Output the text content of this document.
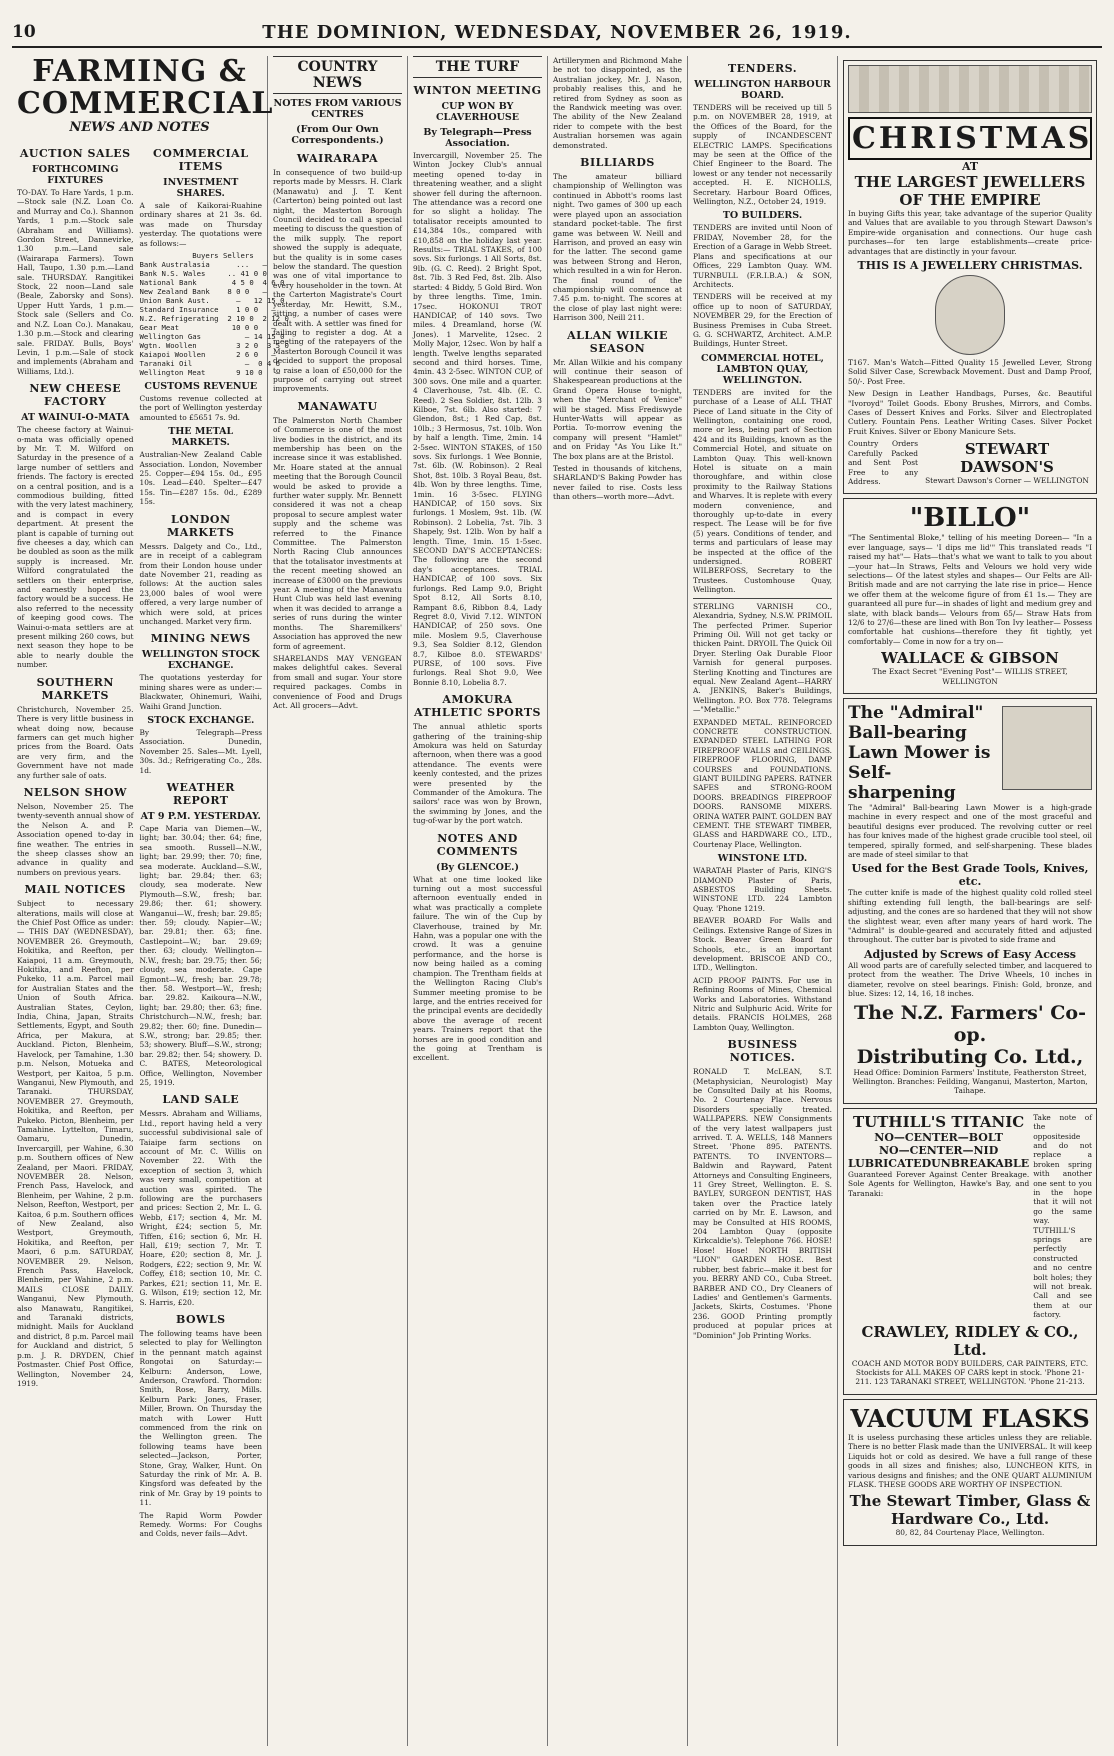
10	THE DOMINION, WEDNESDAY, NOVEMBER 26, 1919.
FARMING & COMMERCIAL
NEWS AND NOTES
AUCTION SALES
FORTHCOMING FIXTURES

TO-DAY. To Hare Yards, 1 p.m.—Stock sale (N.Z. Loan Co. and Murray and Co.). Shannon Yards, 1 p.m.—Stock sale (Abraham and Williams). Gordon Street, Dannevirke, 1.30 p.m.—Land sale (Wairarapa Farmers). Town Hall, Taupo, 1.30 p.m.—Land sale. THURSDAY. Rangitikei Stock, 22 noon—Land sale (Beale, Zaborsky and Sons). Upper Hutt Yards, 1 p.m.—Stock sale (Sellers and Co. and N.Z. Loan Co.). Manakau, 1.30 p.m.—Stock and clearing sale. FRIDAY. Bulls, Boys' Levin, 1 p.m.—Sale of stock and implements (Abraham and Williams, Ltd.).

NEW CHEESE FACTORY
AT WAINUI-O-MATA

The cheese factory at Wainui-o-mata was officially opened by Mr. T. M. Wilford on Saturday in the presence of a large number of settlers and friends. The factory is erected on a central position, and is a commodious building, fitted with the very latest machinery, and is compact in every department. At present the plant is capable of turning out five cheeses a day, which can be doubled as soon as the milk supply is increased. Mr. Wilford congratulated the settlers on their enterprise, and earnestly hoped the factory would be a success. He also referred to the necessity of keeping good cows. The Wainui-o-mata settlers are at present milking 260 cows, but next season they hope to be able to nearly double the number.

SOUTHERN MARKETS

Christchurch, November 25. There is very little business in wheat doing now, because farmers can get much higher prices from the Board. Oats are very firm, and the Government have not made any further sale of oats.

NELSON SHOW

Nelson, November 25. The twenty-seventh annual show of the Nelson A. and P. Association opened to-day in fine weather. The entries in the sheep classes show an advance in quality and numbers on previous years.

MAIL NOTICES

Subject to necessary alterations, mails will close at the Chief Post Office as under:— THIS DAY (WEDNESDAY), NOVEMBER 26. Greymouth, Hokitika, and Reefton, per Kaiapoi, 11 a.m. Greymouth, Hokitika, and Reefton, per Pukeko, 11 a.m. Parcel mail for Australian States and the Union of South Africa. Australian States, Ceylon, India, China, Japan, Straits Settlements, Egypt, and South Africa, per Makura, at Auckland. Picton, Blenheim, Havelock, per Tamahine, 1.30 p.m. Nelson, Motueka and Westport, per Kaitoa, 5 p.m. Wanganui, New Plymouth, and Taranaki. THURSDAY, NOVEMBER 27. Greymouth, Hokitika, and Reefton, per Pukeko. Picton, Blenheim, per Tamahine. Lyttelton, Timaru, Oamaru, Dunedin, Invercargill, per Wahine, 6.30 p.m. Southern offices of New Zealand, per Maori. FRIDAY, NOVEMBER 28. Nelson, French Pass, Havelock, and Blenheim, per Wahine, 2 p.m. Nelson, Reefton, Westport, per Kaitoa, 6 p.m. Southern offices of New Zealand, also Westport, Greymouth, Hokitika, and Reefton, per Maori, 6 p.m. SATURDAY, NOVEMBER 29. Nelson, French Pass, Havelock, Blenheim, per Wahine, 2 p.m. MAILS CLOSE DAILY. Wanganui, New Plymouth, also Manawatu, Rangitikei, and Taranaki districts, midnight. Mails for Auckland and district, 8 p.m. Parcel mail for Auckland and district, 5 p.m. J. R. DRYDEN, Chief Postmaster. Chief Post Office, Wellington, November 24, 1919.

COMMERCIAL ITEMS
INVESTMENT SHARES.

A sale of Kaikorai-Ruahine ordinary shares at 21 3s. 6d. was made on Thursday yesterday. The quotations were as follows:—

Buyers Sellers
Bank Australasia      ...   —
Bank N.S. Wales     .. 41 0 0
National Bank        4 5 0  4 6 0
New Zealand Bank    8 0 0   —
Union Bank Aust.      —   12 15 0
Standard Insurance    1 0 0   —
N.Z. Refrigerating  2 10 0  2 12 0
Gear Meat            10 0 0   —
Wellington Gas          — 14 15 0
Wgtn. Woollen         3 2 0  3 5 0
Kaiapoi Woollen       2 6 0   —
Taranaki Oil            —  0 4 6
Wellington Meat       9 10 0   —
CUSTOMS REVENUE

Customs revenue collected at the port of Wellington yesterday amounted to £5651 7s. 9d.

THE METAL MARKETS.

Australian-New Zealand Cable Association. London, November 25. Copper—£94 15s. 0d., £95 10s. Lead—£40. Spelter—£47 15s. Tin—£287 15s. 0d., £289 15s.

LONDON MARKETS

Messrs. Dalgety and Co., Ltd., are in receipt of a cablegram from their London house under date November 21, reading as follows: At the auction sales 23,000 bales of wool were offered, a very large number of which were sold, at prices unchanged. Market very firm.

MINING NEWS
WELLINGTON STOCK EXCHANGE.

The quotations yesterday for mining shares were as under:— Blackwater, Ohinemuri, Waihi, Waihi Grand Junction.

STOCK EXCHANGE.

By Telegraph—Press Association. Dunedin, November 25. Sales—Mt. Lyell, 30s. 3d.; Refrigerating Co., 28s. 1d.

WEATHER REPORT
AT 9 P.M. YESTERDAY.

Cape Maria van Diemen—W., light; bar. 30.04; ther. 64; fine, sea smooth. Russell—N.W., light; bar. 29.99; ther. 70; fine, sea moderate. Auckland—S.W., light; bar. 29.84; ther. 63; cloudy, sea moderate. New Plymouth—S.W., fresh; bar. 29.86; ther. 61; showery. Wanganui—W., fresh; bar. 29.85; ther. 59; cloudy. Napier—W.; bar. 29.81; ther. 63; fine. Castlepoint—W.; bar. 29.69; ther. 63; cloudy. Wellington—N.W., fresh; bar. 29.75; ther. 56; cloudy, sea moderate. Cape Egmont—W., fresh; bar. 29.78; ther. 58. Westport—W., fresh; bar. 29.82. Kaikoura—N.W., light; bar. 29.80; ther. 63; fine. Christchurch—N.W., fresh; bar. 29.82; ther. 60; fine. Dunedin—S.W., strong; bar. 29.85; ther. 53; showery. Bluff—S.W., strong; bar. 29.82; ther. 54; showery. D. C. BATES, Meteorological Office, Wellington, November 25, 1919.

LAND SALE

Messrs. Abraham and Williams, Ltd., report having held a very successful subdivisional sale of Taiaipe farm sections on account of Mr. C. Willis on November 22. With the exception of section 3, which was very small, competition at auction was spirited. The following are the purchasers and prices: Section 2, Mr. L. G. Webb, £17; section 4, Mr. M. Wright, £24; section 5, Mr. Tiffen, £16; section 6, Mr. H. Hall, £19; section 7, Mr. T. Hoare, £20; section 8, Mr. J. Rodgers, £22; section 9, Mr. W. Coffey, £18; section 10, Mr. C. Parkes, £21; section 11, Mr. E. G. Wilson, £19; section 12, Mr. S. Harris, £20.

BOWLS

The following teams have been selected to play for Wellington in the pennant match against Rongotai on Saturday:—Kelburn: Anderson, Lowe, Anderson, Crawford. Thorndon: Smith, Rose, Barry, Mills. Kelburn Park: Jones, Fraser, Miller, Brown. On Thursday the match with Lower Hutt commenced from the rink on the Wellington green. The following teams have been selected—Jackson, Porter, Stone, Gray, Walker, Hunt. On Saturday the rink of Mr. A. B. Kingsford was defeated by the rink of Mr. Gray by 19 points to 11.

The Rapid Worm Powder Remedy. Worms: For Coughs and Colds, never fails—Advt.

COUNTRY NEWS
NOTES FROM VARIOUS CENTRES
(From Our Own Correspondents.)
WAIRARAPA

In consequence of two build-up reports made by Messrs. H. Clark (Manawatu) and J. T. Kent (Carterton) being pointed out last night, the Masterton Borough Council decided to call a special meeting to discuss the question of the milk supply. The report showed the supply is adequate, but the quality is in some cases below the standard. The question was one of vital importance to every householder in the town. At the Carterton Magistrate's Court yesterday, Mr. Hewitt, S.M., sitting, a number of cases were dealt with. A settler was fined for failing to register a dog. At a meeting of the ratepayers of the Masterton Borough Council it was decided to support the proposal to raise a loan of £50,000 for the purpose of carrying out street improvements.

MANAWATU

The Palmerston North Chamber of Commerce is one of the most live bodies in the district, and its membership has been on the increase since it was established. Mr. Hoare stated at the annual meeting that the Borough Council would be asked to provide a further water supply. Mr. Bennett considered it was not a cheap proposal to secure amplest water supply and the scheme was referred to the Finance Committee. The Palmerston North Racing Club announces that the totalisator investments at the recent meeting showed an increase of £3000 on the previous year. A meeting of the Manawatu Hunt Club was held last evening when it was decided to arrange a series of runs during the winter months. The Sharemilkers' Association has approved the new form of agreement.

SHARELANDS MAY VENGEAN makes delightful cakes. Several from small and sugar. Your store required packages. Combs in convenience of Food and Drugs Act. All grocers—Advt.

THE TURF
WINTON MEETING
CUP WON BY CLAVERHOUSE
By Telegraph—Press Association.

Invercargill, November 25. The Winton Jockey Club's annual meeting opened to-day in threatening weather, and a slight shower fell during the afternoon. The attendance was a record one for so slight a holiday. The totalisator receipts amounted to £14,384 10s., compared with £10,858 on the holiday last year. Results:— TRIAL STAKES, of 100 sovs. Six furlongs. 1 All Sorts, 8st. 9lb. (G. C. Reed). 2 Bright Spot, 8st. 7lb. 3 Red Fed, 8st. 2lb. Also started: 4 Biddy, 5 Gold Bird. Won by three lengths. Time, 1min. 17sec. HOKONUI TROT HANDICAP, of 140 sovs. Two miles. 4 Dreamland, horse (W. Jones). 1 Marvelite, 12sec. 2 Molly Major, 12sec. Won by half a length. Twelve lengths separated second and third horses. Time, 4min. 43 2-5sec. WINTON CUP, of 300 sovs. One mile and a quarter. 4 Claverhouse, 7st. 4lb. (E. C. Reed). 2 Sea Soldier, 8st. 12lb. 3 Kilboe, 7st. 6lb. Also started: 7 Glendon, 8st.; 1 Red Cap, 8st. 10lb.; 3 Hermosus, 7st. 10lb. Won by half a length. Time, 2min. 14 2-5sec. WINTON STAKES, of 150 sovs. Six furlongs. 1 Wee Bonnie, 7st. 6lb. (W. Robinson). 2 Real Shot, 8st. 10lb. 3 Royal Beau, 8st. 4lb. Won by three lengths. Time, 1min. 16 3-5sec. FLYING HANDICAP, of 150 sovs. Six furlongs. 1 Moslem, 9st. 1lb. (W. Robinson). 2 Lobelia, 7st. 7lb. 3 Shapely, 9st. 12lb. Won by half a length. Time, 1min. 15 1-5sec. SECOND DAY'S ACCEPTANCES: The following are the second day's acceptances. TRIAL HANDICAP, of 100 sovs. Six furlongs. Red Lamp 9.0, Bright Spot 8.12, All Sorts 8.10, Rampant 8.6, Ribbon 8.4, Lady Regret 8.0, Vivid 7.12. WINTON HANDICAP, of 250 sovs. One mile. Moslem 9.5, Claverhouse 9.3, Sea Soldier 8.12, Glendon 8.7, Kilboe 8.0. STEWARDS' PURSE, of 100 sovs. Five furlongs. Real Shot 9.0, Wee Bonnie 8.10, Lobelia 8.7.

AMOKURA ATHLETIC SPORTS

The annual athletic sports gathering of the training-ship Amokura was held on Saturday afternoon, when there was a good attendance. The events were keenly contested, and the prizes were presented by the Commander of the Amokura. The sailors' race was won by Brown, the swimming by Jones, and the tug-of-war by the port watch.

NOTES AND COMMENTS
(By GLENCOE.)

What at one time looked like turning out a most successful afternoon eventually ended in what was practically a complete failure. The win of the Cup by Claverhouse, trained by Mr. Hahn, was a popular one with the crowd. It was a genuine performance, and the horse is now being hailed as a coming champion. The Trentham fields at the Wellington Racing Club's Summer meeting promise to be large, and the entries received for the principal events are decidedly above the average of recent years. Trainers report that the horses are in good condition and the going at Trentham is excellent.

Artillerymen and Richmond Mahe be not too disappointed, as the Australian jockey, Mr. J. Nason, probably realises this, and he retired from Sydney as soon as the Randwick meeting was over. The ability of the New Zealand rider to compete with the best Australian horsemen was again demonstrated.

BILLIARDS

The amateur billiard championship of Wellington was continued in Abbott's rooms last night. Two games of 300 up each were played upon an association standard pocket-table. The first game was between W. Neill and Harrison, and proved an easy win for the latter. The second game was between Strong and Heron, which resulted in a win for Heron. The final round of the championship will commence at 7.45 p.m. to-night. The scores at the close of play last night were: Harrison 300, Neill 211.

ALLAN WILKIE SEASON

Mr. Allan Wilkie and his company will continue their season of Shakespearean productions at the Grand Opera House to-night, when the "Merchant of Venice" will be staged. Miss Frediswyde Hunter-Watts will appear as Portia. To-morrow evening the company will present "Hamlet" and on Friday "As You Like It." The box plans are at the Bristol.

Tested in thousands of kitchens, SHARLAND'S Baking Powder has never failed to rise. Costs less than others—worth more—Advt.

TENDERS.
WELLINGTON HARBOUR BOARD.

TENDERS will be received up till 5 p.m. on NOVEMBER 28, 1919, at the Offices of the Board, for the supply of INCANDESCENT ELECTRIC LAMPS. Specifications may be seen at the Office of the Chief Engineer to the Board. The lowest or any tender not necessarily accepted. H. E. NICHOLLS, Secretary. Harbour Board Offices, Wellington, N.Z., October 24, 1919.

TO BUILDERS.

TENDERS are invited until Noon of FRIDAY, November 28, for the Erection of a Garage in Webb Street. Plans and specifications at our Offices, 229 Lambton Quay. WM. TURNBULL (F.R.I.B.A.) & SON, Architects.

TENDERS will be received at my office up to noon of SATURDAY, NOVEMBER 29, for the Erection of Business Premises in Cuba Street. G. G. SCHWARTZ, Architect. A.M.P. Buildings, Hunter Street.

COMMERCIAL HOTEL, LAMBTON QUAY, WELLINGTON.

TENDERS are invited for the purchase of a Lease of ALL THAT Piece of Land situate in the City of Wellington, containing one rood, more or less, being part of Section 424 and its Buildings, known as the Commercial Hotel, and situate on Lambton Quay. This well-known Hotel is situate on a main thoroughfare, and within close proximity to the Railway Stations and Wharves. It is replete with every modern convenience, and thoroughly up-to-date in every respect. The Lease will be for five (5) years. Conditions of tender, and terms and particulars of lease may be inspected at the office of the undersigned. ROBERT WILBERFOSS, Secretary to the Trustees. Customhouse Quay, Wellington.

STERLING VARNISH CO., Alexandria, Sydney, N.S.W. PRIMOIL The perfected Primer. Superior Priming Oil. Will not get tacky or thicken Paint. DRYOIL The Quick Oil Dryer. Sterling Oak Durable Floor Varnish for general purposes. Sterling Knotting and Tinctures are equal. New Zealand Agent—HARRY A. JENKINS, Baker's Buildings, Wellington. P.O. Box 778. Telegrams—"Metallic."

EXPANDED METAL. REINFORCED CONCRETE CONSTRUCTION. EXPANDED STEEL LATHING FOR FIREPROOF WALLS and CEILINGS. FIREPROOF FLOORING, DAMP COURSES and FOUNDATIONS. GIANT BUILDING PAPERS. RATNER SAFES and STRONG-ROOM DOORS. BREADINGS FIREPROOF DOORS. RANSOME MIXERS. ORINA WATER PAINT. GOLDEN BAY CEMENT. THE STEWART TIMBER, GLASS and HARDWARE CO., LTD., Courtenay Place, Wellington.

WINSTONE LTD.

WARATAH Plaster of Paris, KING'S DIAMOND Plaster of Paris, ASBESTOS Building Sheets. WINSTONE LTD. 224 Lambton Quay. 'Phone 1219.

BEAVER BOARD For Walls and Ceilings. Extensive Range of Sizes in Stock. Beaver Green Board for Schools, etc., is an important development. BRISCOE AND CO., LTD., Wellington.

ACID PROOF PAINTS. For use in Refining Rooms of Mines, Chemical Works and Laboratories. Withstand Nitric and Sulphuric Acid. Write for details. FRANCIS HOLMES, 268 Lambton Quay, Wellington.

BUSINESS NOTICES.

RONALD T. McLEAN, S.T. (Metaphysician, Neurologist) May be Consulted Daily at his Rooms, No. 2 Courtenay Place. Nervous Disorders specially treated. WALLPAPERS. NEW Consignments of the very latest wallpapers just arrived. T. A. WELLS, 148 Manners Street. 'Phone 895. PATENTS. PATENTS. TO INVENTORS—Baldwin and Rayward, Patent Attorneys and Consulting Engineers, 11 Grey Street, Wellington. E. S. BAYLEY, SURGEON DENTIST, HAS taken over the Practice lately carried on by Mr. E. Lawson, and may be Consulted at HIS ROOMS, 204 Lambton Quay (opposite Kirkcaldie's). Telephone 766. HOSE! Hose! Hose! NORTH BRITISH "LION" GARDEN HOSE. Best rubber, best fabric—make it best for you. BERRY AND CO., Cuba Street. BARBER AND CO., Dry Cleaners of Ladies' and Gentlemen's Garments. Jackets, Skirts, Costumes. 'Phone 236. GOOD Printing promptly produced at popular prices at "Dominion" Job Printing Works.

CHRISTMAS
AT
THE LARGEST JEWELLERS
OF THE EMPIRE

In buying Gifts this year, take advantage of the superior Quality and Values that are available to you through Stewart Dawson's Empire-wide organisation and connections. Our huge cash purchases—for ten large establishments—create price-advantages that are distinctly in your favour.

THIS IS A JEWELLERY CHRISTMAS.

T167. Man's Watch—Fitted Quality 15 Jewelled Lever, Strong Solid Silver Case, Screwback Movement. Dust and Damp Proof, 50/-. Post Free.

New Design in Leather Handbags, Purses, &c. Beautiful "Ivoroyd" Toilet Goods. Ebony Brushes, Mirrors, and Combs. Cases of Dessert Knives and Forks. Silver and Electroplated Cutlery. Fountain Pens. Leather Writing Cases. Silver Pocket Fruit Knives. Silver or Ebony Manicure Sets.

Country Orders Carefully Packed and Sent Post Free to any Address.

STEWART DAWSON'S

Stewart Dawson's Corner — WELLINGTON

"BILLO"

"The Sentimental Bloke," telling of his meeting Doreen— "In a ever language, says— 'I dips me lid'" This translated reads "I raised my hat"— Hats—that's what we want to talk to you about—your hat—In Straws, Felts and Velours we hold very wide selections— Of the latest styles and shapes— Our Felts are All-British made and are not carrying the late rise in price— Hence we offer them at the welcome figure of from £1 1s.— They are guaranteed all pure fur—in shades of light and medium grey and slate, with black bands— Velours from 65/— Straw Hats from 12/6 to 27/6—these are lined with Bon Ton Ivy leather— Possess comfortable hat cushions—therefore they fit tightly, yet comfortably— Come in now for a try on—

WALLACE & GIBSON

The Exact Secret "Evening Post"— WILLIS STREET, WELLINGTON

The "Admiral"
Ball-bearing
Lawn Mower is
Self-sharpening

The "Admiral" Ball-bearing Lawn Mower is a high-grade machine in every respect and one of the most graceful and beautiful designs ever produced. The revolving cutter or reel has four knives made of the highest grade crucible tool steel, oil tempered, spirally formed, and self-sharpening. These blades are made of steel similar to that

Used for the Best Grade Tools, Knives, etc.

The cutter knife is made of the highest quality cold rolled steel shifting extending full length, the ball-bearings are self-adjusting, and the cones are so hardened that they will not show the slightest wear, even after many years of hard work. The "Admiral" is double-geared and accurately fitted and adjusted throughout. The cutter bar is pivoted to side frame and

Adjusted by Screws of Easy Access

All wood parts are of carefully selected timber, and lacquered to protect from the weather. The Drive Wheels, 10 inches in diameter, revolve on steel bearings. Finish: Gold, bronze, and blue. Sizes: 12, 14, 16, 18 inches.

The N.Z. Farmers' Co-op.
Distributing Co. Ltd.,

Head Office: Dominion Farmers' Institute, Featherston Street, Wellington. Branches: Feilding, Wanganui, Masterton, Marton, Taihape.

TUTHILL'S TITANIC
NO—CENTER—BOLT
NO—CENTER—NID
LUBRICATED UNBREAKABLE

Guaranteed Forever Against Center Breakage. Sole Agents for Wellington, Hawke's Bay, and Taranaki:

Take note of the oppositeside and do not replace a broken spring with another one sent to you in the hope that it will not go the same way. TUTHILL'S springs are perfectly constructed and no centre bolt holes; they will not break. Call and see them at our factory.

CRAWLEY, RIDLEY & CO., Ltd.

COACH AND MOTOR BODY BUILDERS, CAR PAINTERS, ETC. Stockists for ALL MAKES OF CARS kept in stock. 'Phone 21-211. 123 TARANAKI STREET, WELLINGTON. 'Phone 21-213.

VACUUM FLASKS

It is useless purchasing these articles unless they are reliable. There is no better Flask made than the UNIVERSAL. It will keep Liquids hot or cold as desired. We have a full range of these goods in all sizes and finishes; also, LUNCHEON KITS, in various designs and finishes; and the ONE QUART ALUMINIUM FLASK. THESE GOODS ARE WORTHY OF INSPECTION.

The Stewart Timber, Glass & Hardware Co., Ltd.

80, 82, 84 Courtenay Place, Wellington.
